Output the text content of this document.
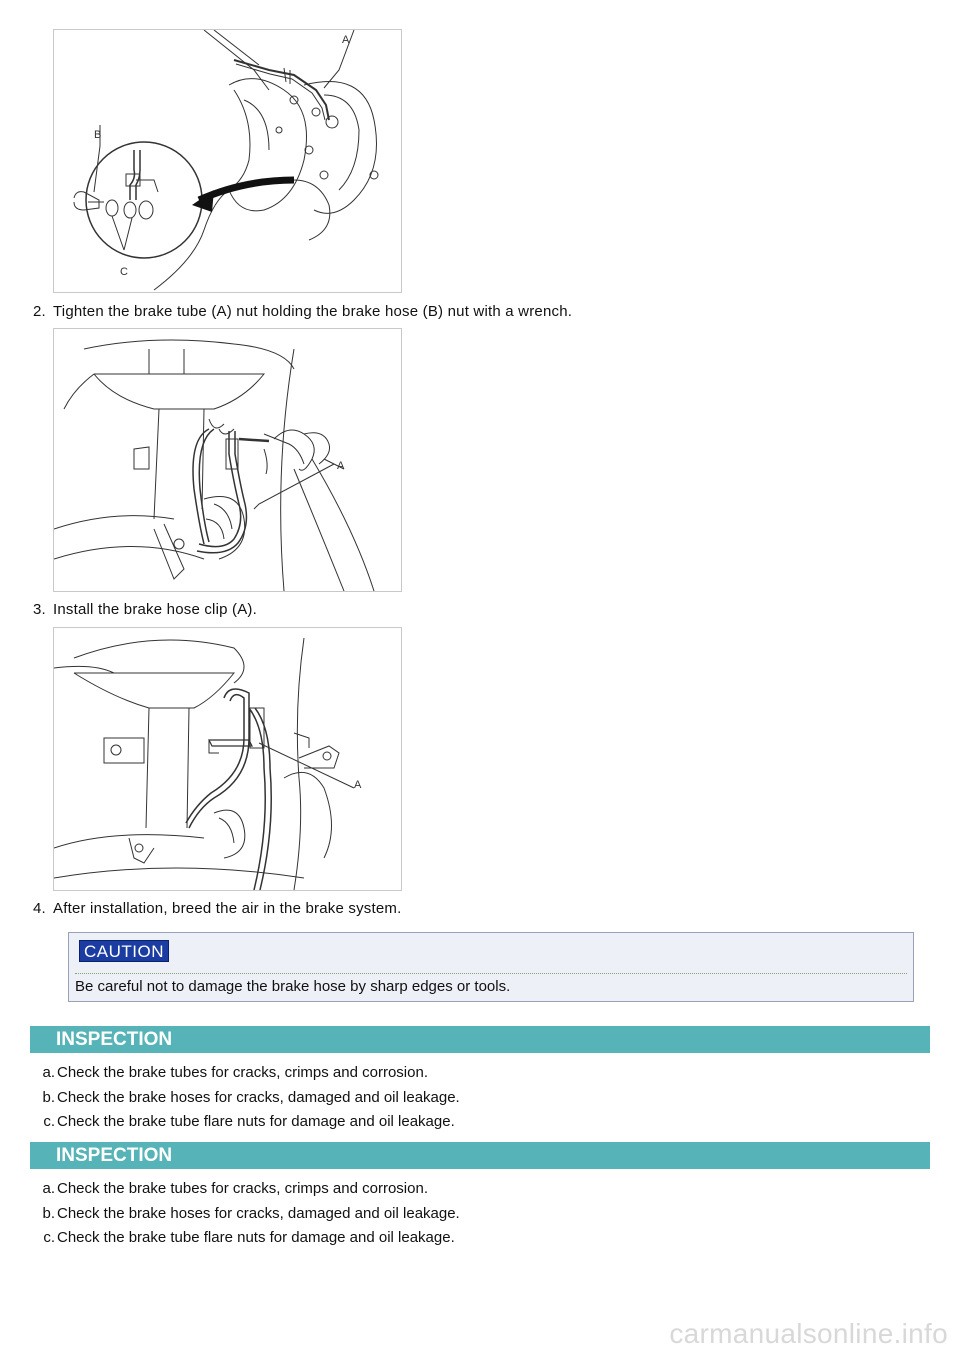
A
B
C
2. Tighten the brake tube (A) nut holding the brake hose (B) nut with a wrench.
A
3. Install the brake hose clip (A).
A
4. After installation, breed the air in the brake system.
CAUTION
Be careful not to damage the brake hose by sharp edges or tools.
INSPECTION
a. Check the brake tubes for cracks, crimps and corrosion.
b. Check the brake hoses for cracks, damaged and oil leakage.
c. Check the brake tube flare nuts for damage and oil leakage.
INSPECTION
a. Check the brake tubes for cracks, crimps and corrosion.
b. Check the brake hoses for cracks, damaged and oil leakage.
c. Check the brake tube flare nuts for damage and oil leakage.
carmanualsonline.info
